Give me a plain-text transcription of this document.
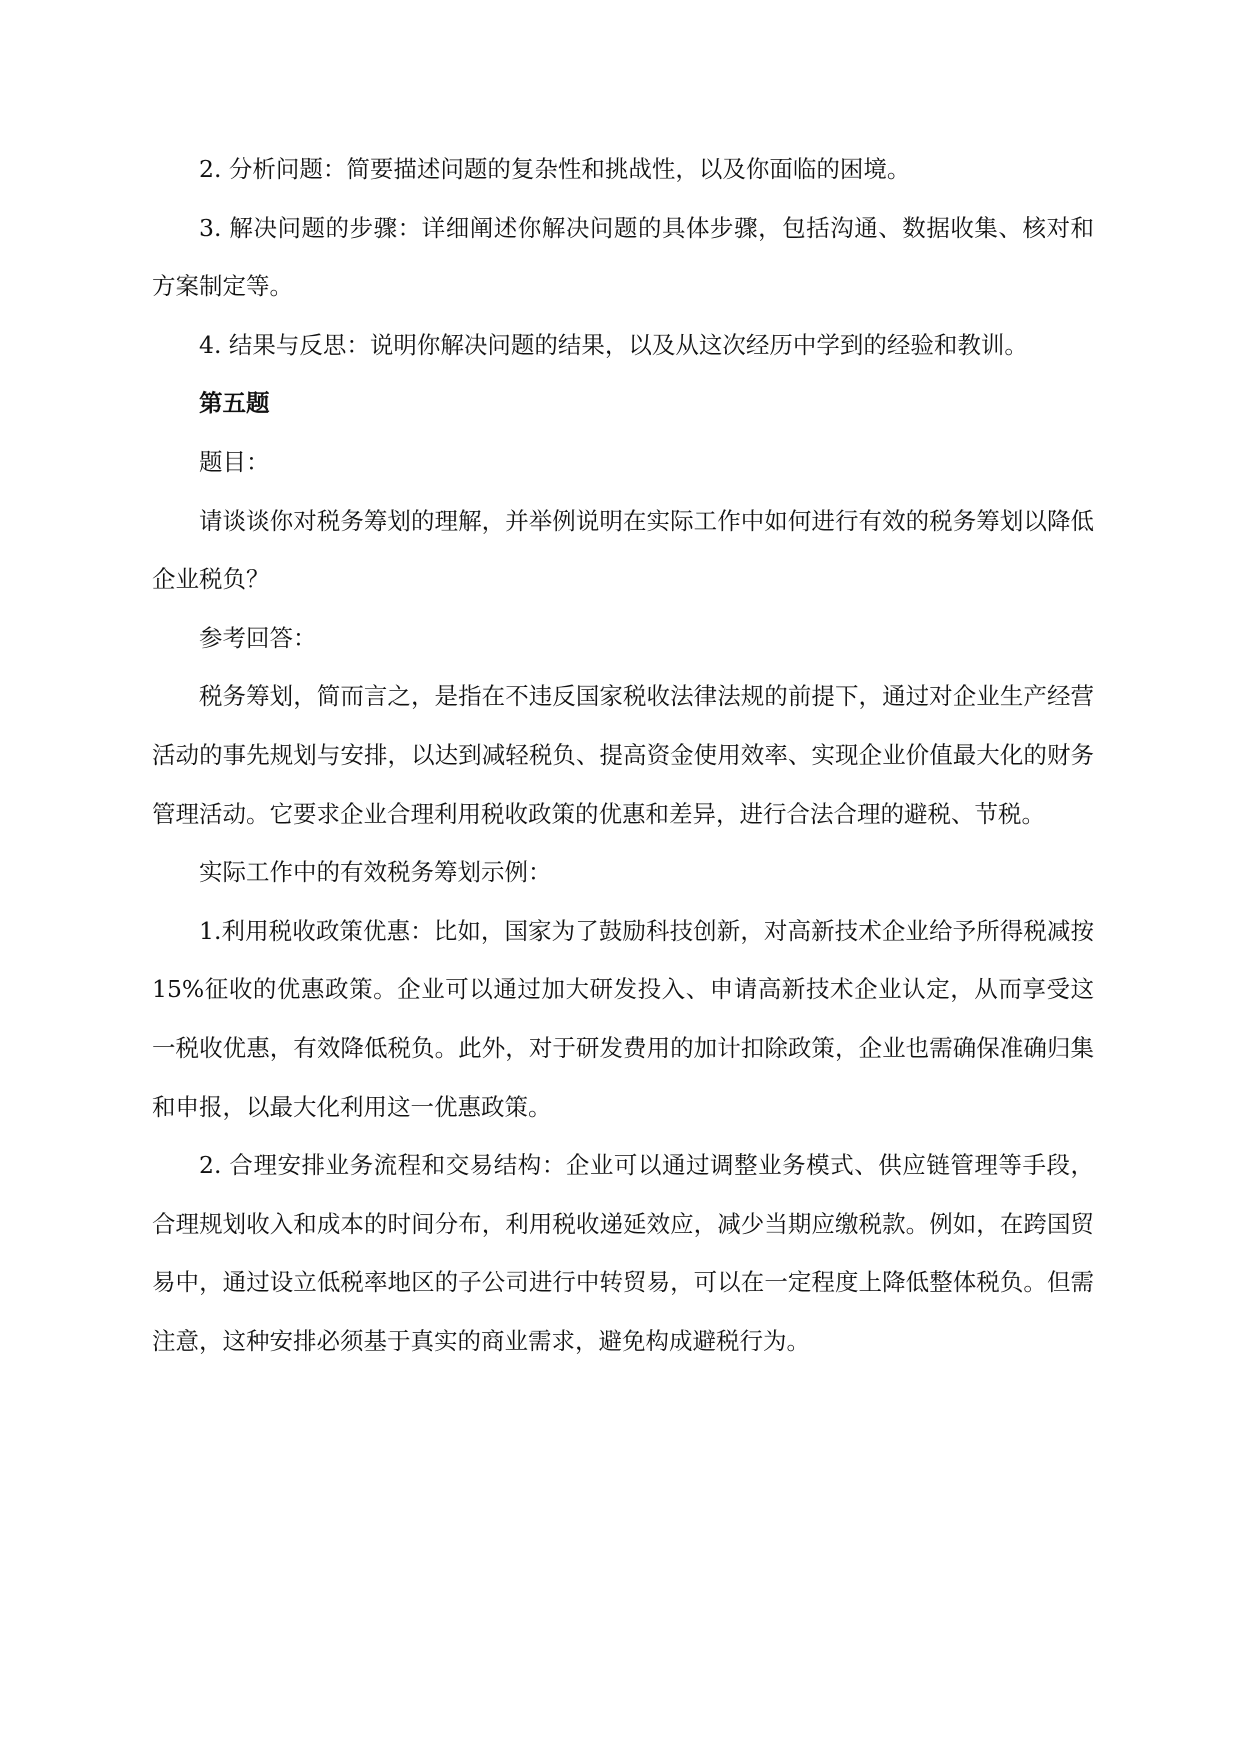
2. 分析问题：简要描述问题的复杂性和挑战性，以及你面临的困境。

3. 解决问题的步骤：详细阐述你解决问题的具体步骤，包括沟通、数据收集、核对和方案制定等。

4. 结果与反思：说明你解决问题的结果，以及从这次经历中学到的经验和教训。

第五题

题目：

请谈谈你对税务筹划的理解，并举例说明在实际工作中如何进行有效的税务筹划以降低企业税负？

参考回答：

税务筹划，简而言之，是指在不违反国家税收法律法规的前提下，通过对企业生产经营活动的事先规划与安排，以达到减轻税负、提高资金使用效率、实现企业价值最大化的财务管理活动。它要求企业合理利用税收政策的优惠和差异，进行合法合理的避税、节税。

实际工作中的有效税务筹划示例：

1.利用税收政策优惠：比如，国家为了鼓励科技创新，对高新技术企业给予所得税减按 15%征收的优惠政策。企业可以通过加大研发投入、申请高新技术企业认定，从而享受这一税收优惠，有效降低税负。此外，对于研发费用的加计扣除政策，企业也需确保准确归集和申报，以最大化利用这一优惠政策。

2. 合理安排业务流程和交易结构：企业可以通过调整业务模式、供应链管理等手段，合理规划收入和成本的时间分布，利用税收递延效应，减少当期应缴税款。例如，在跨国贸易中，通过设立低税率地区的子公司进行中转贸易，可以在一定程度上降低整体税负。但需注意，这种安排必须基于真实的商业需求，避免构成避税行为。
